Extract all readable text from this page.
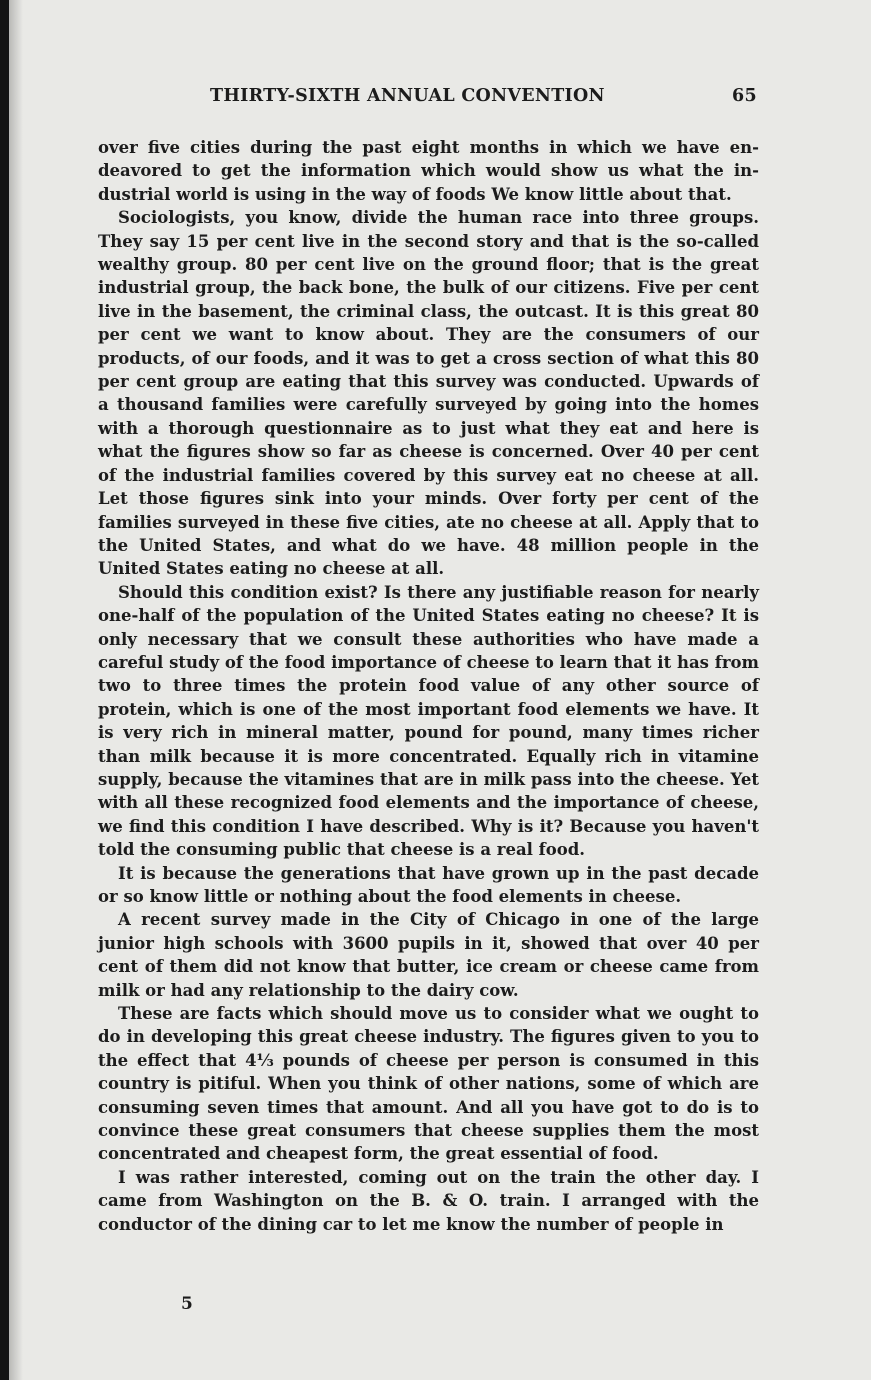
THIRTY-SIXTH ANNUAL CONVENTION	65

over five cities during the past eight months in which we have endeavored to get the information which would show us what the industrial world is using in the way of foods We know little about that.

Sociologists, you know, divide the human race into three groups. They say 15 per cent live in the second story and that is the so-called wealthy group. 80 per cent live on the ground floor; that is the great industrial group, the back bone, the bulk of our citizens. Five per cent live in the basement, the criminal class, the outcast. It is this great 80 per cent we want to know about. They are the consumers of our products, of our foods, and it was to get a cross section of what this 80 per cent group are eating that this survey was conducted. Upwards of a thousand families were carefully surveyed by going into the homes with a thorough questionnaire as to just what they eat and here is what the figures show so far as cheese is concerned. Over 40 per cent of the industrial families covered by this survey eat no cheese at all. Let those figures sink into your minds. Over forty per cent of the families surveyed in these five cities, ate no cheese at all. Apply that to the United States, and what do we have. 48 million people in the United States eating no cheese at all.

Should this condition exist? Is there any justifiable reason for nearly one-half of the population of the United States eating no cheese? It is only necessary that we consult these authorities who have made a careful study of the food importance of cheese to learn that it has from two to three times the protein food value of any other source of protein, which is one of the most important food elements we have. It is very rich in mineral matter, pound for pound, many times richer than milk because it is more concentrated. Equally rich in vitamine supply, because the vitamines that are in milk pass into the cheese. Yet with all these recognized food elements and the importance of cheese, we find this condition I have described. Why is it? Because you haven't told the consuming public that cheese is a real food.

It is because the generations that have grown up in the past decade or so know little or nothing about the food elements in cheese.

A recent survey made in the City of Chicago in one of the large junior high schools with 3600 pupils in it, showed that over 40 per cent of them did not know that butter, ice cream or cheese came from milk or had any relationship to the dairy cow.

These are facts which should move us to consider what we ought to do in developing this great cheese industry. The figures given to you to the effect that 4⅓ pounds of cheese per person is consumed in this country is pitiful. When you think of other nations, some of which are consuming seven times that amount. And all you have got to do is to convince these great consumers that cheese supplies them the most concentrated and cheapest form, the great essential of food.

I was rather interested, coming out on the train the other day. I came from Washington on the B. & O. train. I arranged with the conductor of the dining car to let me know the number of people in

5
